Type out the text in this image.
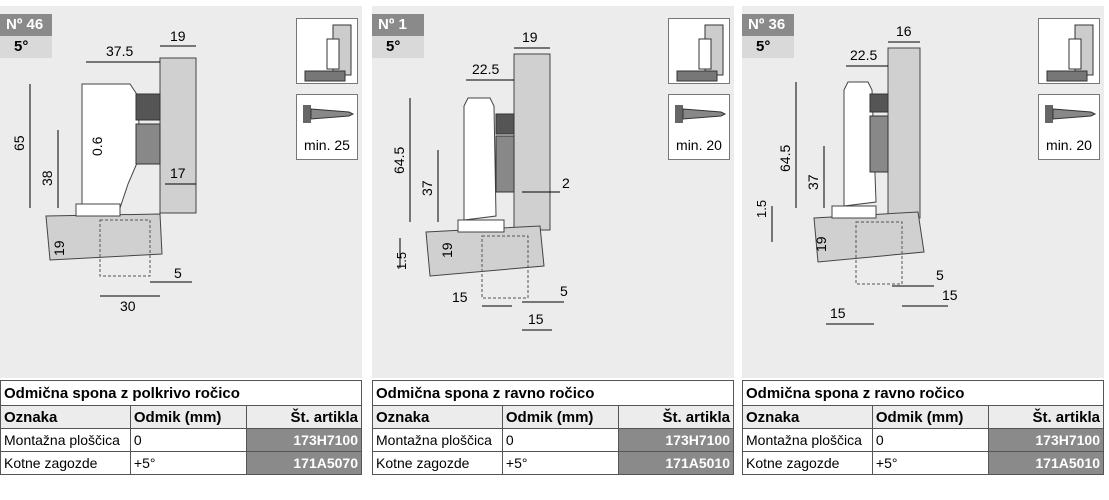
Nº 46
5°	37.5
19
65
38
0.6
17
19
5
30
min. 25
Nº 1
5°
22.5
19
64.5
37	2
19
1.5
5
15
15
min. 20
Nº 36
5°	22.5
16
64.5
37
1.5
19
5
15
15
min. 20
Odmična spona z polkrivo ročico		
Oznaka	Odmik (mm)	Št. artikla
Montažna ploščica	0	173H7100
Kotne zagozde	+5°	171A5070
Odmična spona z ravno ročico		
Oznaka	Odmik (mm)	Št. artikla
Montažna ploščica	0	173H7100
Kotne zagozde	+5°	171A5010
Odmična spona z ravno ročico		
Oznaka	Odmik (mm)	Št. artikla
Montažna ploščica	0	173H7100
Kotne zagozde	+5°	171A5010
